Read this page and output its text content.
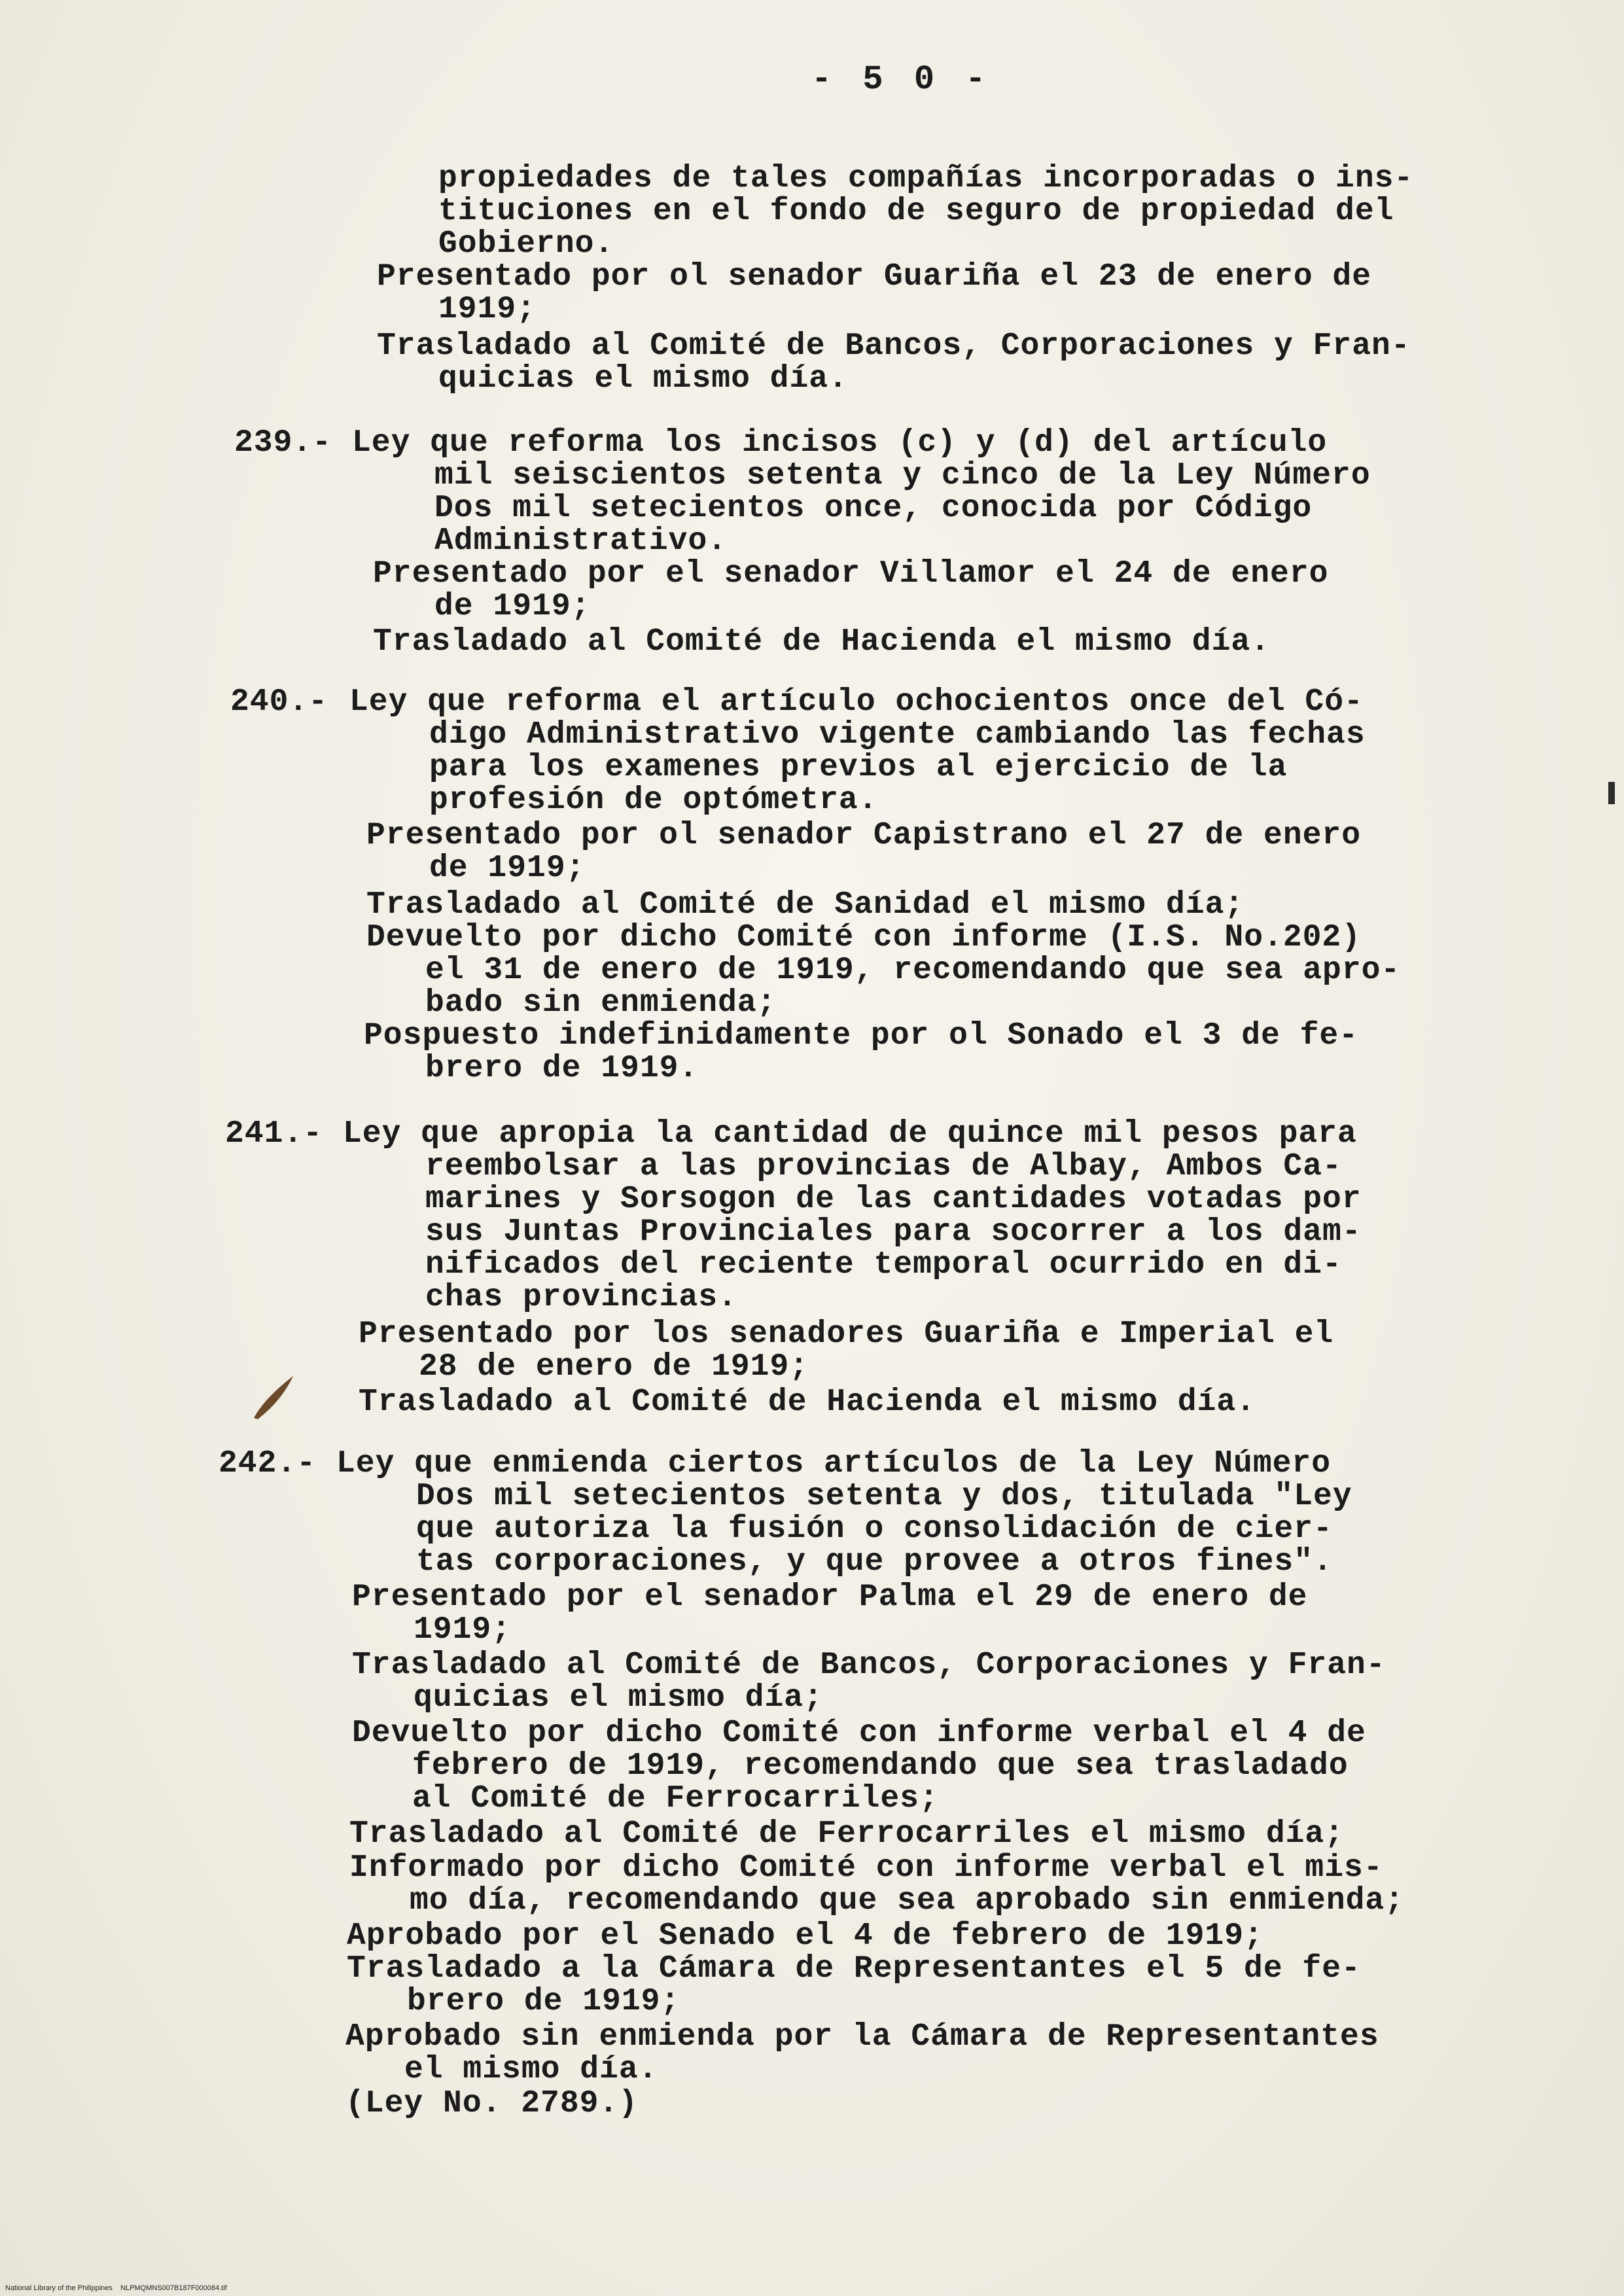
- 5 0 -
propiedades de tales compañías incorporadas o ins-
tituciones en el fondo de seguro de propiedad del
Gobierno.
Presentado por ol senador Guariña el 23 de enero de
1919;
Trasladado al Comité de Bancos, Corporaciones y Fran-
quicias el mismo día.
239.- Ley que reforma los incisos (c) y (d) del artículo
mil seiscientos setenta y cinco de la Ley Número
Dos mil setecientos once, conocida por Código
Administrativo.
Presentado por el senador Villamor el 24 de enero
de 1919;
Trasladado al Comité de Hacienda el mismo día.
240.- Ley que reforma el artículo ochocientos once del Có-
digo Administrativo vigente cambiando las fechas
para los examenes previos al ejercicio de la
profesión de optómetra.
Presentado por ol senador Capistrano el 27 de enero
de 1919;
Trasladado al Comité de Sanidad el mismo día;
Devuelto por dicho Comité con informe (I.S. No.202)
el 31 de enero de 1919, recomendando que sea apro-
bado sin enmienda;
Pospuesto indefinidamente por ol Sonado el 3 de fe-
brero de 1919.
241.- Ley que apropia la cantidad de quince mil pesos para
reembolsar a las provincias de Albay, Ambos Ca-
marines y Sorsogon de las cantidades votadas por
sus Juntas Provinciales para socorrer a los dam-
nificados del reciente temporal ocurrido en di-
chas provincias.
Presentado por los senadores Guariña e Imperial el
28 de enero de 1919;
Trasladado al Comité de Hacienda el mismo día.
242.- Ley que enmienda ciertos artículos de la Ley Número
Dos mil setecientos setenta y dos, titulada "Ley
que autoriza la fusión o consolidación de cier-
tas corporaciones, y que provee a otros fines".
Presentado por el senador Palma el 29 de enero de
1919;
Trasladado al Comité de Bancos, Corporaciones y Fran-
quicias el mismo día;
Devuelto por dicho Comité con informe verbal el 4 de
febrero de 1919, recomendando que sea trasladado
al Comité de Ferrocarriles;
Trasladado al Comité de Ferrocarriles el mismo día;
Informado por dicho Comité con informe verbal el mis-
mo día, recomendando que sea aprobado sin enmienda;
Aprobado por el Senado el 4 de febrero de 1919;
Trasladado a la Cámara de Representantes el 5 de fe-
brero de 1919;
Aprobado sin enmienda por la Cámara de Representantes
el mismo día.
(Ley No. 2789.)
National Library of the Philippines    NLPMQMNS007B187F000084.tif
